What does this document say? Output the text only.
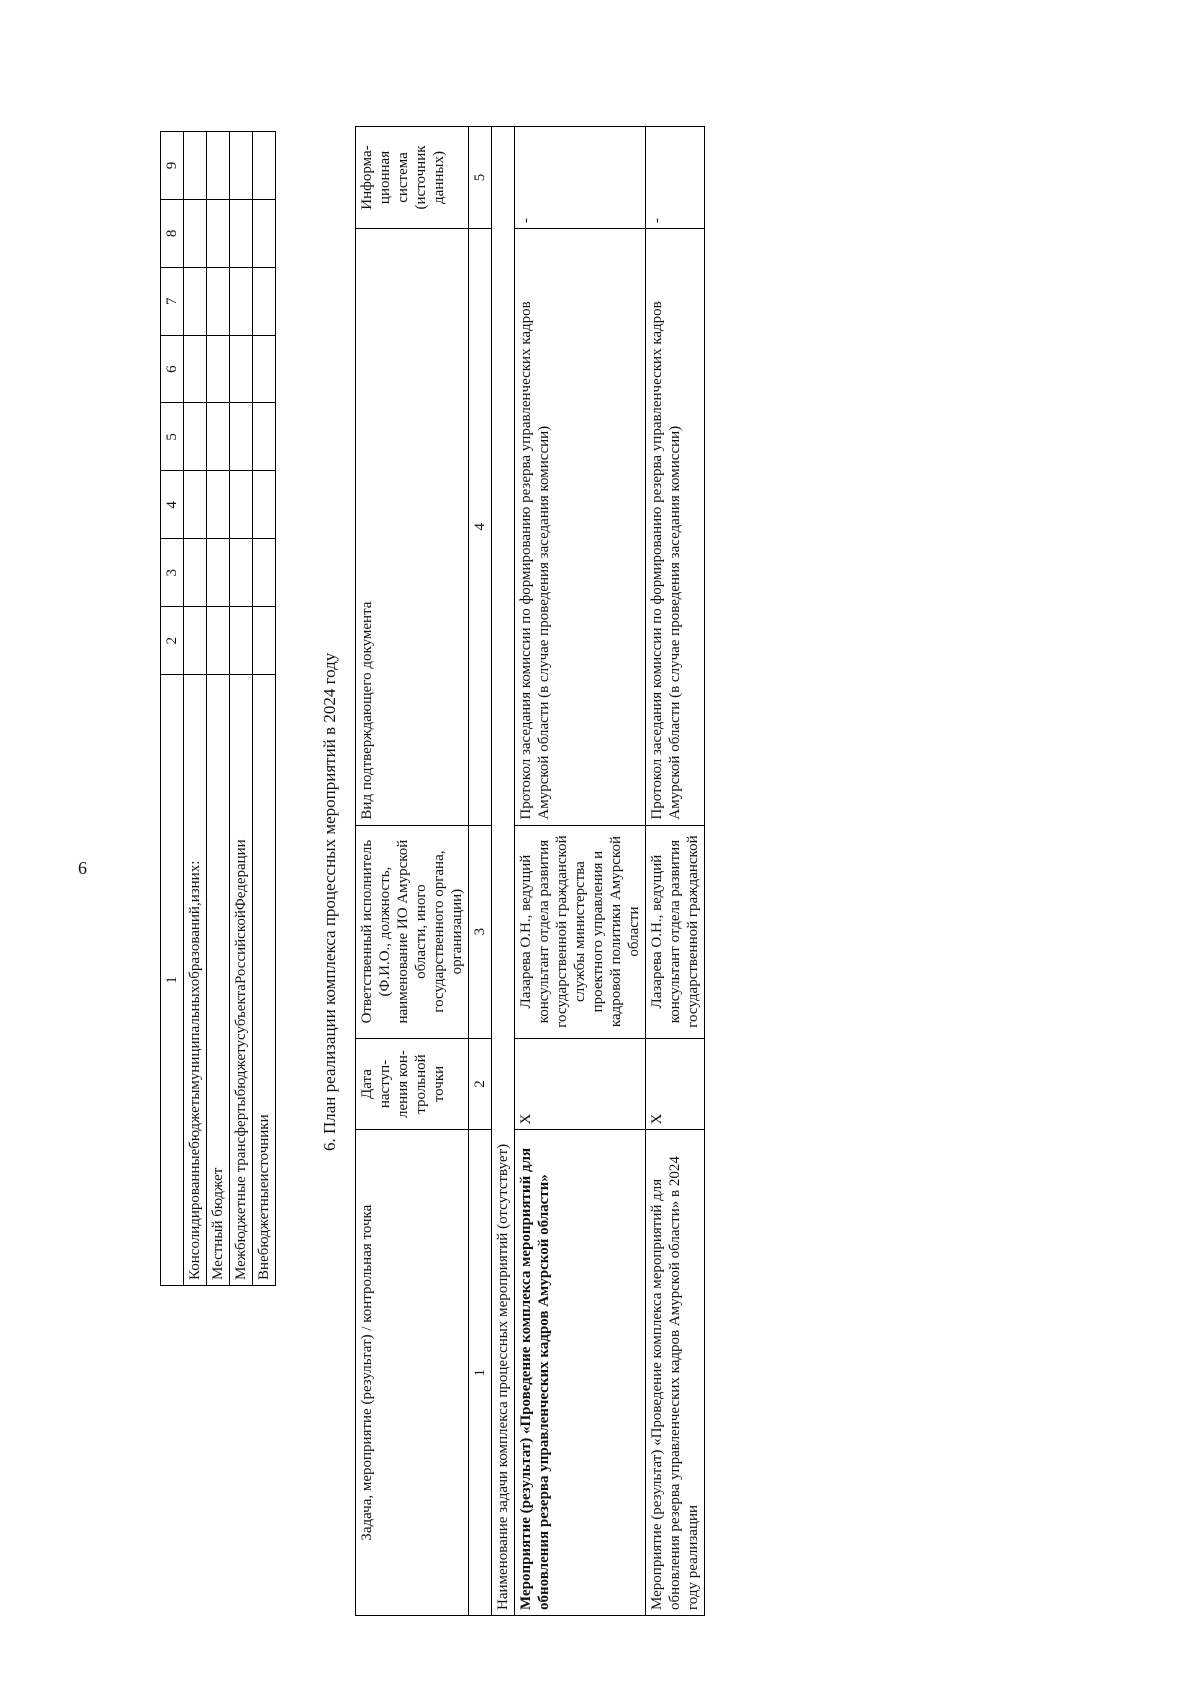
6
1	2	3	4	5	6	7	8	9
Консолидированныебюджетымуниципальныхобразований,изних:								
Местный бюджет								
Межбюджетные трансфертыбюджетусубъектаРоссийскойФедерации								
Внебюджетныеисточники								
6. План реализации комплекса процессных мероприятий в 2024 году
Задача, мероприятие (результат) / контрольная точка	Дата наступ-ления кон-трольной точки	Ответственный исполнитель (Ф.И.О., должность, наименование ИО Амурской области, иного государственного органа, организации)	Вид подтверждающего документа	Информа-ционная система (источник данных)
1	2	3	4	5
Наименование задачи комплекса процессных мероприятий (отсутствует)				
Мероприятие (результат) «Проведение комплекса мероприятий для обновления резерва управленческих кадров Амурской области»	X	Лазарева О.Н., ведущий консультант отдела развития государственной гражданской службы министерства проектного управления и кадровой политики Амурской области	Протокол заседания комиссии по формированию резерва управленческих кадров Амурской области (в случае проведения заседания комиссии)	-
Мероприятие (результат) «Проведение комплекса мероприятий для обновления резерва управленческих кадров Амурской области» в 2024 году реализации	X	Лазарева О.Н., ведущий консультант отдела развития государственной гражданской	Протокол заседания комиссии по формированию резерва управленческих кадров Амурской области (в случае проведения заседания комиссии)	-
